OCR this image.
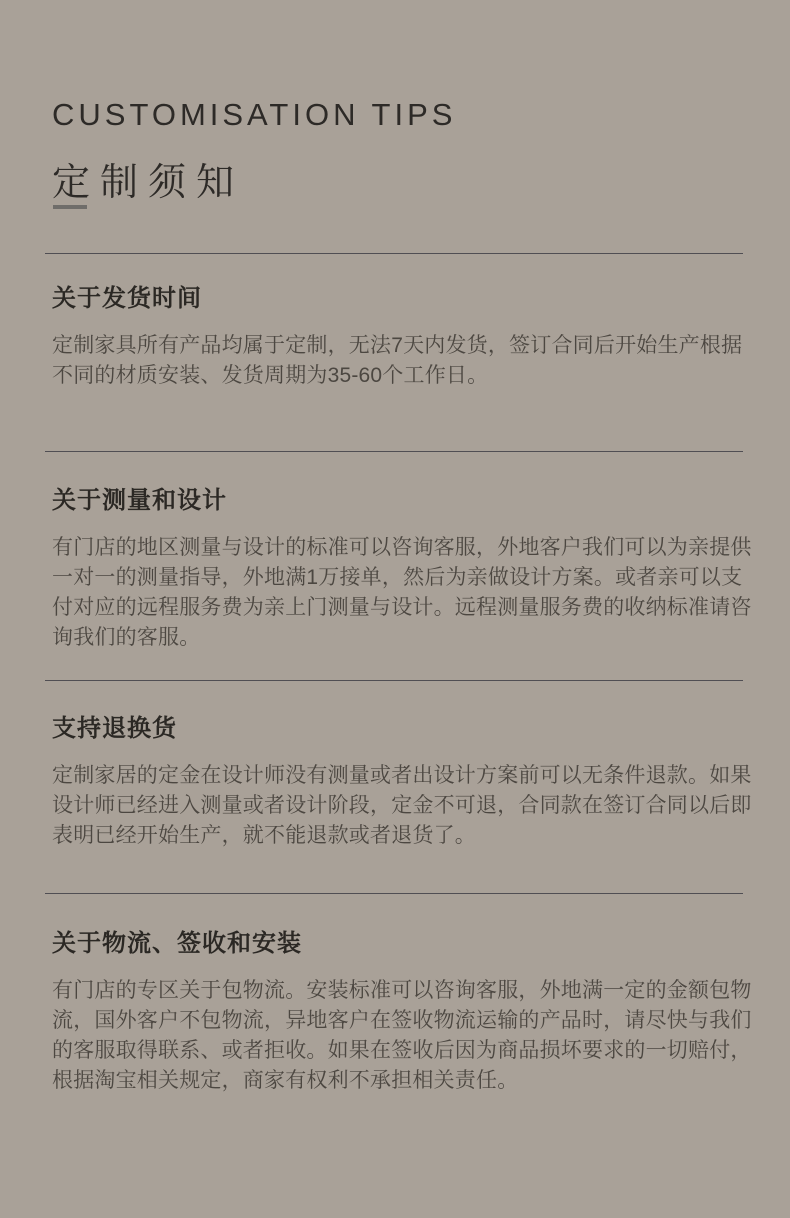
CUSTOMISATION TIPS
定制须知
关于发货时间
定制家具所有产品均属于定制，无法7天内发货，签订合同后开始生产根据
不同的材质安装、发货周期为35-60个工作日。
关于测量和设计
有门店的地区测量与设计的标准可以咨询客服，外地客户我们可以为亲提供
一对一的测量指导，外地满1万接单，然后为亲做设计方案。或者亲可以支
付对应的远程服务费为亲上门测量与设计。远程测量服务费的收纳标准请咨
询我们的客服。
支持退换货
定制家居的定金在设计师没有测量或者出设计方案前可以无条件退款。如果
设计师已经进入测量或者设计阶段，定金不可退，合同款在签订合同以后即
表明已经开始生产，就不能退款或者退货了。
关于物流、签收和安装
有门店的专区关于包物流。安装标准可以咨询客服，外地满一定的金额包物
流，国外客户不包物流，异地客户在签收物流运输的产品时，请尽快与我们
的客服取得联系、或者拒收。如果在签收后因为商品损坏要求的一切赔付，
根据淘宝相关规定，商家有权利不承担相关责任。
